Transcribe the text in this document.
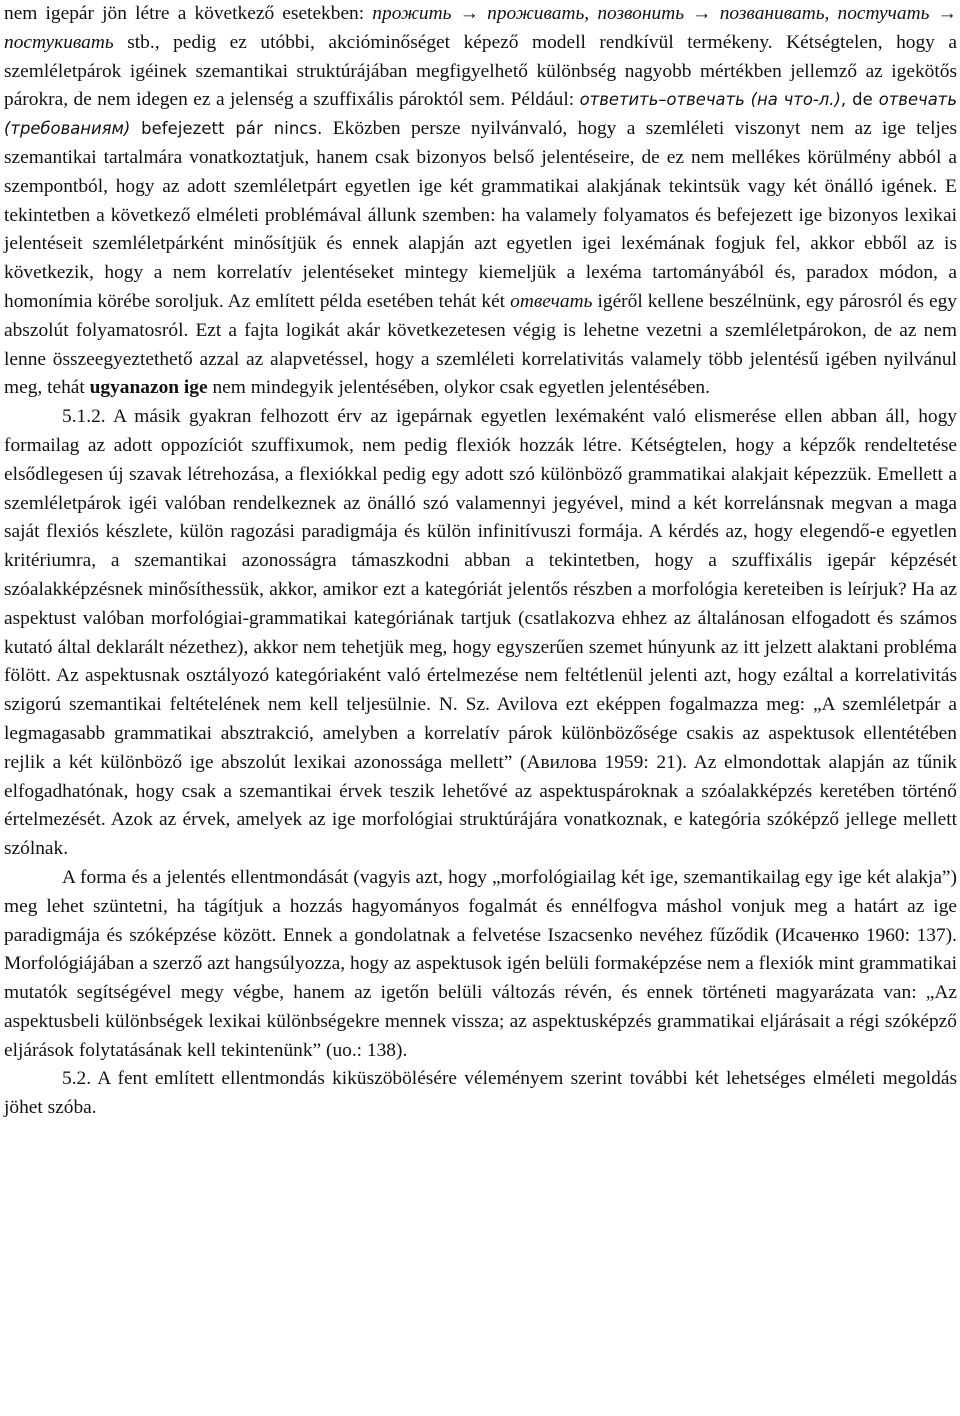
nem igepár jön létre a következő esetekben: прожить → проживать, позвонить → позванивать, постучать → постукивать stb., pedig ez utóbbi, akcióminőséget képező modell rendkívül termékeny. Kétségtelen, hogy a szemléletpárok igéinek szemantikai struktúrájában megfigyelhető különbség nagyobb mértékben jellemző az igekötős párokra, de nem idegen ez a jelenség a szuffixális pároktól sem. Például: ответить–отвечать (на что-л.), de отвечать (требованиям) befejezett pár nincs. Eközben persze nyilvánvaló, hogy a szemléleti viszonyt nem az ige teljes szemantikai tartalmára vonatkoztatjuk, hanem csak bizonyos belső jelentéseire, de ez nem mellékes körülmény abból a szempontból, hogy az adott szemléletpárt egyetlen ige két grammatikai alakjának tekintsük vagy két önálló igének. E tekintetben a következő elméleti problémával állunk szemben: ha valamely folyamatos és befejezett ige bizonyos lexikai jelentéseit szemléletpárként minősítjük és ennek alapján azt egyetlen igei lexémának fogjuk fel, akkor ebből az is következik, hogy a nem korrelatív jelentéseket mintegy kiemeljük a lexéma tartományából és, paradox módon, a homonímia körébe soroljuk. Az említett példa esetében tehát két отвечать igéről kellene beszélnünk, egy párosról és egy abszolút folyamatosról. Ezt a fajta logikát akár következetesen végig is lehetne vezetni a szemléletpárokon, de az nem lenne összeegyeztethető azzal az alapvetéssel, hogy a szemléleti korrelativitás valamely több jelentésű igében nyilvánul meg, tehát ugyanazon ige nem mindegyik jelentésében, olykor csak egyetlen jelentésében.

5.1.2. A másik gyakran felhozott érv az igepárnak egyetlen lexémaként való elismerése ellen abban áll, hogy formailag az adott oppozíciót szuffixumok, nem pedig flexiók hozzák létre. Kétségtelen, hogy a képzők rendeltetése elsődlegesen új szavak létrehozása, a flexiókkal pedig egy adott szó különböző grammatikai alakjait képezzük. Emellett a szemléletpárok igéi valóban rendelkeznek az önálló szó valamennyi jegyével, mind a két korrelánsnak megvan a maga saját flexiós készlete, külön ragozási paradigmája és külön infinitívuszi formája. A kérdés az, hogy elegendő-e egyetlen kritériumra, a szemantikai azonosságra támaszkodni abban a tekintetben, hogy a szuffixális igepár képzését szóalakképzésnek minősíthessük, akkor, amikor ezt a kategóriát jelentős részben a morfológia kereteiben is leírjuk? Ha az aspektust valóban morfológiai-grammatikai kategóriának tartjuk (csatlakozva ehhez az általánosan elfogadott és számos kutató által deklarált nézethez), akkor nem tehetjük meg, hogy egyszerűen szemet húnyunk az itt jelzett alaktani probléma fölött. Az aspektusnak osztályozó kategóriaként való értelmezése nem feltétlenül jelenti azt, hogy ezáltal a korrelativitás szigorú szemantikai feltételének nem kell teljesülnie. N. Sz. Avilova ezt eképpen fogalmazza meg: „A szemléletpár a legmagasabb grammatikai absztrakció, amelyben a korrelatív párok különbözősége csakis az aspektusok ellentétében rejlik a két különböző ige abszolút lexikai azonossága mellett” (Авилова 1959: 21). Az elmondottak alapján az tűnik elfogadhatónak, hogy csak a szemantikai érvek teszik lehetővé az aspektuspároknak a szóalakképzés keretében történő értelmezését. Azok az érvek, amelyek az ige morfológiai struktúrájára vonatkoznak, e kategória szóképző jellege mellett szólnak.

A forma és a jelentés ellentmondását (vagyis azt, hogy „morfológiailag két ige, szemantikailag egy ige két alakja”) meg lehet szüntetni, ha tágítjuk a hozzás hagyományos fogalmát és ennélfogva máshol vonjuk meg a határt az ige paradigmája és szóképzése között. Ennek a gondolatnak a felvetése Iszacsenko nevéhez fűződik (Исаченко 1960: 137). Morfológiájában a szerző azt hangsúlyozza, hogy az aspektusok igén belüli formaképzése nem a flexiók mint grammatikai mutatók segítségével megy végbe, hanem az igetőn belüli változás révén, és ennek történeti magyarázata van: „Az aspektusbeli különbségek lexikai különbségekre mennek vissza; az aspektusképzés grammatikai eljárásait a régi szóképző eljárások folytatásának kell tekintenünk” (uo.: 138).

5.2. A fent említett ellentmondás kiküszöbölésére véleményem szerint további két lehetséges elméleti megoldás jöhet szóba.
